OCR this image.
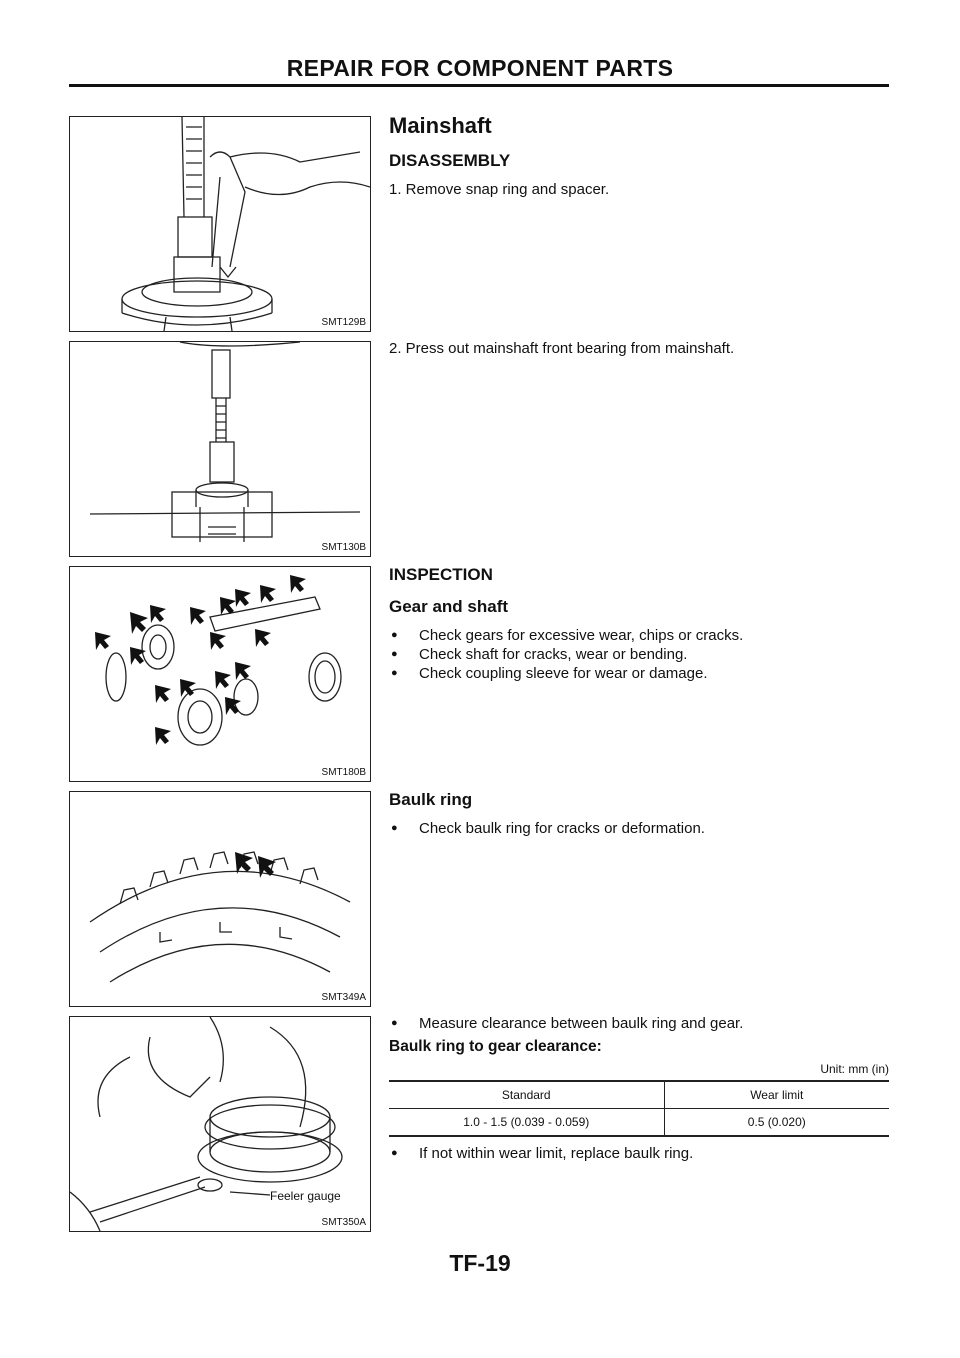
REPAIR FOR COMPONENT PARTS
SMT129B
SMT130B
SMT180B
SMT349A
Feeler gauge
SMT350A
Mainshaft
DISASSEMBLY

1. Remove snap ring and spacer.

2. Press out mainshaft front bearing from mainshaft.

INSPECTION
Gear and shaft

● Check gears for excessive wear, chips or cracks.

● Check shaft for cracks, wear or bending.

● Check coupling sleeve for wear or damage.

Baulk ring

● Check baulk ring for cracks or deformation.

● Measure clearance between baulk ring and gear.

Baulk ring to gear clearance:
Unit: mm (in)
Standard	Wear limit
1.0 - 1.5 (0.039 - 0.059)	0.5 (0.020)

● If not within wear limit, replace baulk ring.

TF-19
